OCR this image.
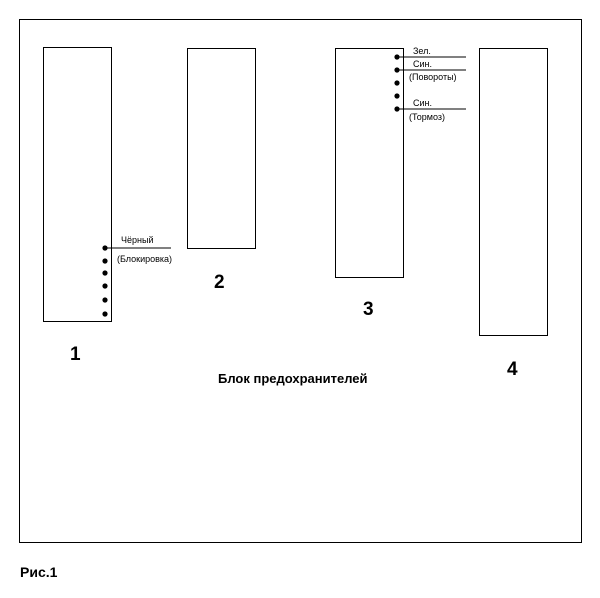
Чёрный
(Блокировка)
1
2
Зел.
Син.
(Повороты)
Син.
(Тормоз)
3
4
Блок предохранителей
Рис.1
